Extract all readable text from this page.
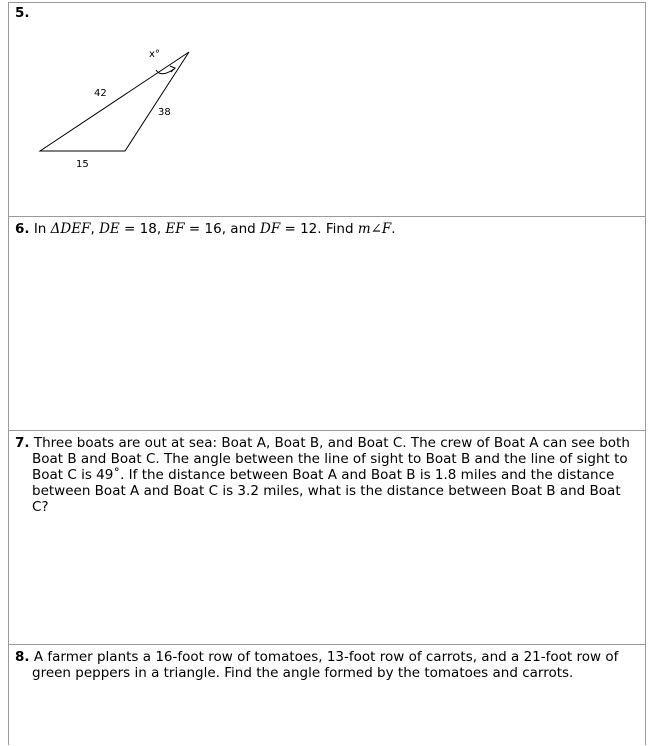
5.
x°
42
38
15
6. In ΔDEF, DE = 18, EF = 16, and DF = 12. Find m∠F.
7. Three boats are out at sea: Boat A, Boat B, and Boat C. The crew of Boat A can see both Boat B and Boat C. The angle between the line of sight to Boat B and the line of sight to Boat C is 49˚. If the distance between Boat A and Boat B is 1.8 miles and the distance between Boat A and Boat C is 3.2 miles, what is the distance between Boat B and Boat C?
8. A farmer plants a 16-foot row of tomatoes, 13-foot row of carrots, and a 21-foot row of green peppers in a triangle. Find the angle formed by the tomatoes and carrots.
